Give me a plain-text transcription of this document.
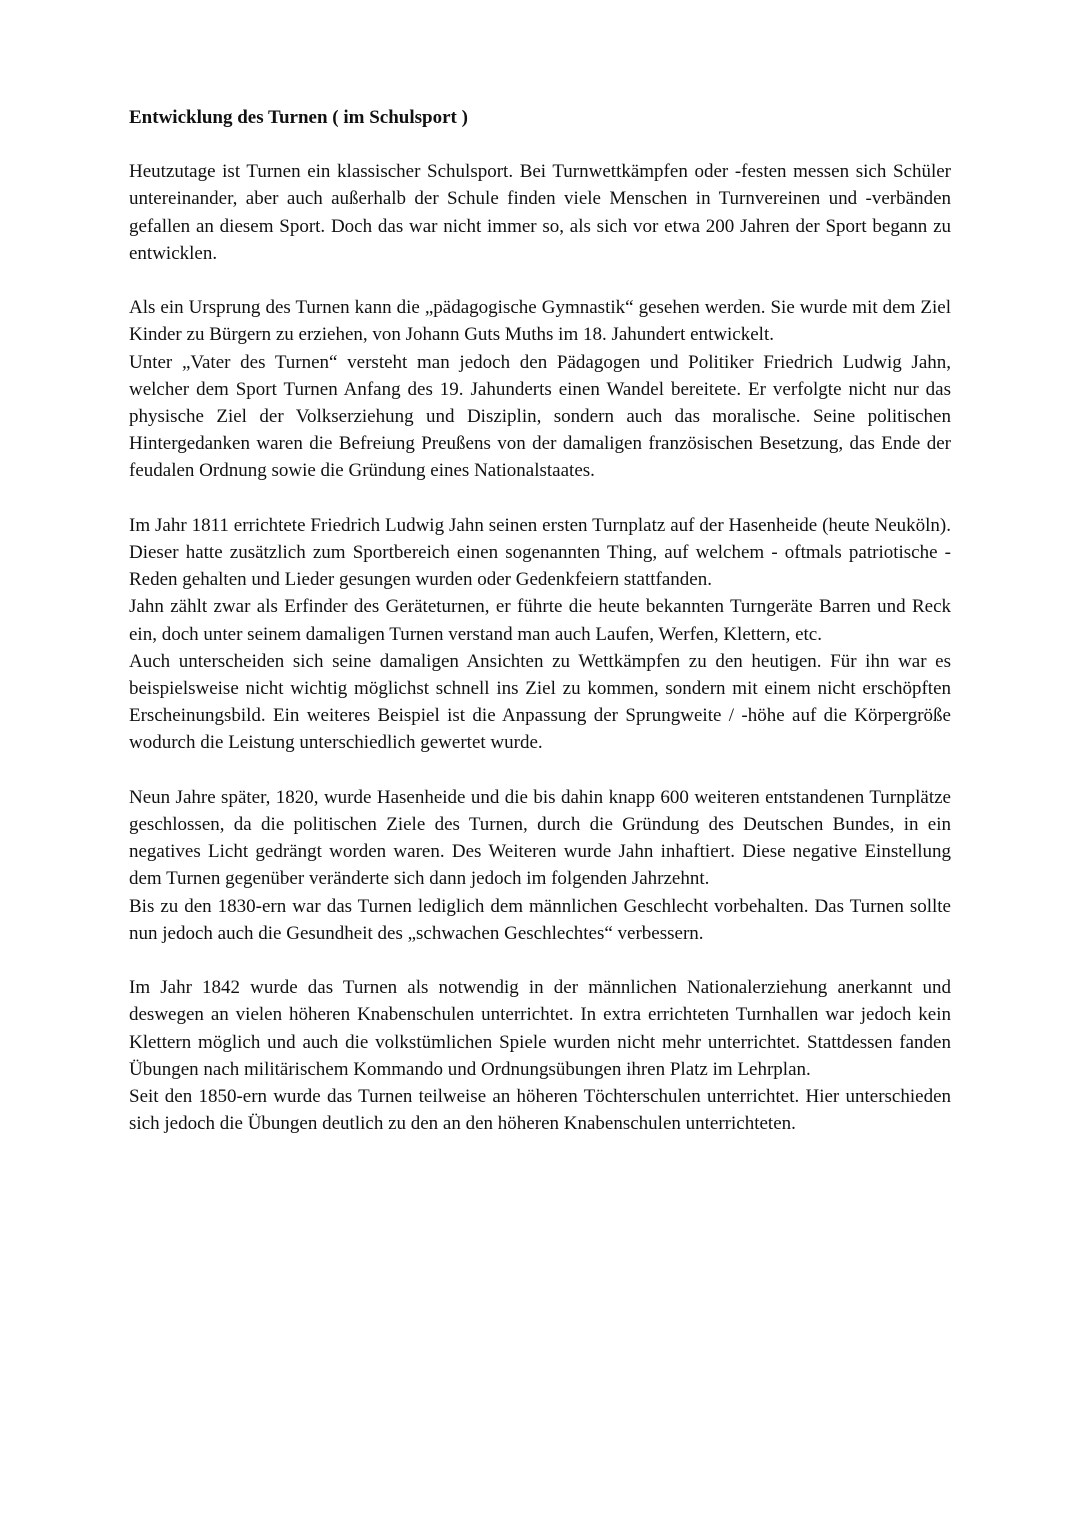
Entwicklung des Turnen ( im Schulsport )

Heutzutage ist Turnen ein klassischer Schulsport. Bei Turnwettkämpfen oder -festen messen sich Schüler untereinander, aber auch außerhalb der Schule finden viele Menschen in Turnvereinen und -verbänden gefallen an diesem Sport. Doch das war nicht immer so, als sich vor etwa 200 Jahren der Sport begann zu entwicklen.

Als ein Ursprung des Turnen kann die „pädagogische Gymnastik“ gesehen werden. Sie wurde mit dem Ziel Kinder zu Bürgern zu erziehen, von Johann Guts Muths im 18. Jahundert entwickelt.

Unter „Vater des Turnen“ versteht man jedoch den Pädagogen und Politiker Friedrich Ludwig Jahn, welcher dem Sport Turnen Anfang des 19. Jahunderts einen Wandel bereitete. Er verfolgte nicht nur das physische Ziel der Volkserziehung und Disziplin, sondern auch das moralische. Seine politischen Hintergedanken waren die Befreiung Preußens von der damaligen französischen Besetzung, das Ende der feudalen Ordnung sowie die Gründung eines Nationalstaates.

Im Jahr 1811 errichtete Friedrich Ludwig Jahn seinen ersten Turnplatz auf der Hasenheide (heute Neuköln). Dieser hatte zusätzlich zum Sportbereich einen sogenannten Thing, auf welchem - oftmals patriotische - Reden gehalten und Lieder gesungen wurden oder Gedenkfeiern stattfanden.

Jahn zählt zwar als Erfinder des Geräteturnen, er führte die heute bekannten Turngeräte Barren und Reck ein, doch unter seinem damaligen Turnen verstand man auch Laufen, Werfen, Klettern, etc.

Auch unterscheiden sich seine damaligen Ansichten zu Wettkämpfen zu den heutigen. Für ihn war es beispielsweise nicht wichtig möglichst schnell ins Ziel zu kommen, sondern mit einem nicht erschöpften Erscheinungsbild. Ein weiteres Beispiel ist die Anpassung der Sprungweite / -höhe auf die Körpergröße wodurch die Leistung unterschiedlich gewertet wurde.

Neun Jahre später, 1820, wurde Hasenheide und die bis dahin knapp 600 weiteren entstandenen Turnplätze geschlossen, da die politischen Ziele des Turnen, durch die Gründung des Deutschen Bundes, in ein negatives Licht gedrängt worden waren. Des Weiteren wurde Jahn inhaftiert. Diese negative Einstellung dem Turnen gegenüber veränderte sich dann jedoch im folgenden Jahrzehnt.

Bis zu den 1830-ern war das Turnen lediglich dem männlichen Geschlecht vorbehalten. Das Turnen sollte nun jedoch auch die Gesundheit des „schwachen Geschlechtes“ verbessern.

Im Jahr 1842 wurde das Turnen als notwendig in der männlichen Nationalerziehung anerkannt und deswegen an vielen höheren Knabenschulen unterrichtet. In extra errichteten Turnhallen war jedoch kein Klettern möglich und auch die volkstümlichen Spiele wurden nicht mehr unterrichtet. Stattdessen fanden Übungen nach militärischem Kommando und Ordnungsübungen ihren Platz im Lehrplan.

Seit den 1850-ern wurde das Turnen teilweise an höheren Töchterschulen unterrichtet. Hier unterschieden sich jedoch die Übungen deutlich zu den an den höheren Knabenschulen unterrichteten.
